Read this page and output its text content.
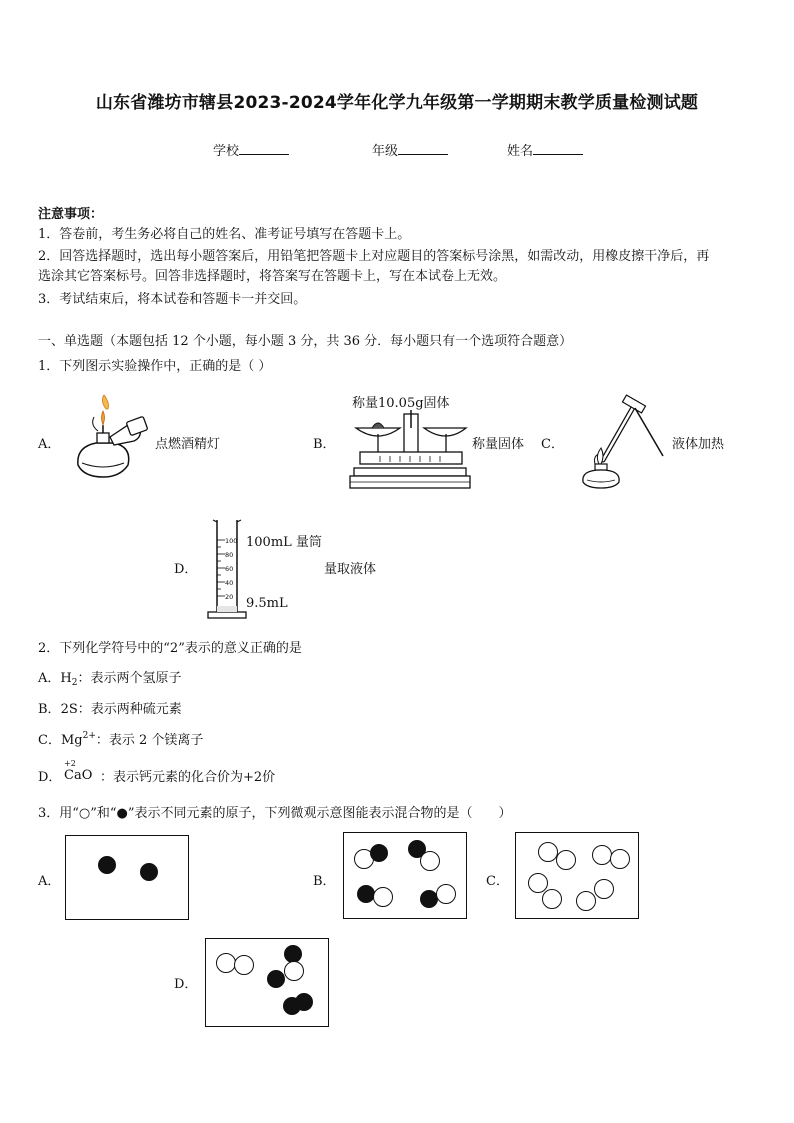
山东省潍坊市辖县2023-2024学年化学九年级第一学期期末教学质量检测试题
学校	年级	姓名
注意事项：
1．答卷前，考生务必将自己的姓名、准考证号填写在答题卡上。
2．回答选择题时，选出每小题答案后，用铅笔把答题卡上对应题目的答案标号涂黑，如需改动，用橡皮擦干净后，再
选涂其它答案标号。回答非选择题时，将答案写在答题卡上，写在本试卷上无效。
3．考试结束后，将本试卷和答题卡一并交回。
一、单选题（本题包括 12 个小题，每小题 3 分，共 36 分．每小题只有一个选项符合题意）
1．下列图示实验操作中，正确的是（ ）
A．	点燃酒精灯	B．
称量10.05g固体
称量固体 C．	液体加热
D．
100
80
60
40
20
100mL 量筒
9.5mL
量取液体
2．下列化学符号中的“2”表示的意义正确的是
A．$H_2$：表示两个氢原子
B．2S：表示两种硫元素
C．$Mg^{2+}$：表示 2 个镁离子
D．
+2
CaO ：表示钙元素的化合价为+2价
3．用“○”和“●”表示不同元素的原子，下列微观示意图能表示混合物的是（　　）
A．	B．	C．
D．
